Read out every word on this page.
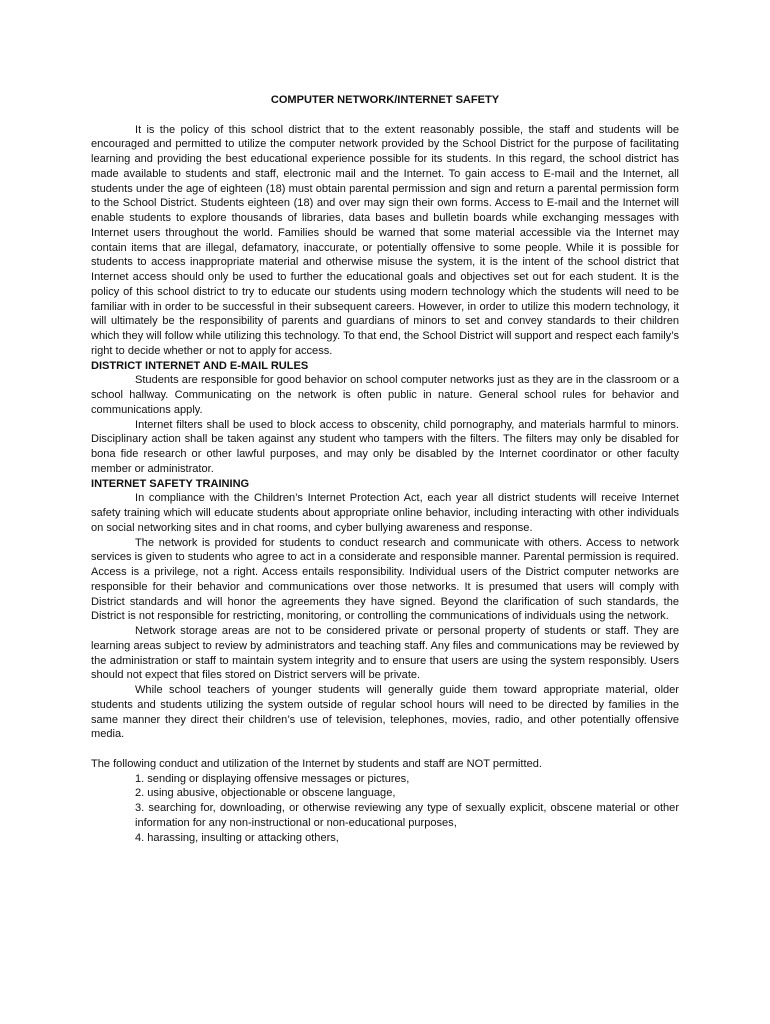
COMPUTER NETWORK/INTERNET SAFETY

It is the policy of this school district that to the extent reasonably possible, the staff and students will be encouraged and permitted to utilize the computer network provided by the School District for the purpose of facilitating learning and providing the best educational experience possible for its students. In this regard, the school district has made available to students and staff, electronic mail and the Internet. To gain access to E-mail and the Internet, all students under the age of eighteen (18) must obtain parental permission and sign and return a parental permission form to the School District. Students eighteen (18) and over may sign their own forms. Access to E-mail and the Internet will enable students to explore thousands of libraries, data bases and bulletin boards while exchanging messages with Internet users throughout the world. Families should be warned that some material accessible via the Internet may contain items that are illegal, defamatory, inaccurate, or potentially offensive to some people. While it is possible for students to access inappropriate material and otherwise misuse the system, it is the intent of the school district that Internet access should only be used to further the educational goals and objectives set out for each student. It is the policy of this school district to try to educate our students using modern technology which the students will need to be familiar with in order to be successful in their subsequent careers. However, in order to utilize this modern technology, it will ultimately be the responsibility of parents and guardians of minors to set and convey standards to their children which they will follow while utilizing this technology. To that end, the School District will support and respect each family’s right to decide whether or not to apply for access.

DISTRICT INTERNET AND E-MAIL RULES

Students are responsible for good behavior on school computer networks just as they are in the classroom or a school hallway. Communicating on the network is often public in nature. General school rules for behavior and communications apply.

Internet filters shall be used to block access to obscenity, child pornography, and materials harmful to minors. Disciplinary action shall be taken against any student who tampers with the filters. The filters may only be disabled for bona fide research or other lawful purposes, and may only be disabled by the Internet coordinator or other faculty member or administrator.

INTERNET SAFETY TRAINING

In compliance with the Children’s Internet Protection Act, each year all district students will receive Internet safety training which will educate students about appropriate online behavior, including interacting with other individuals on social networking sites and in chat rooms, and cyber bullying awareness and response.

The network is provided for students to conduct research and communicate with others. Access to network services is given to students who agree to act in a considerate and responsible manner. Parental permission is required. Access is a privilege, not a right. Access entails responsibility. Individual users of the District computer networks are responsible for their behavior and communications over those networks. It is presumed that users will comply with District standards and will honor the agreements they have signed. Beyond the clarification of such standards, the District is not responsible for restricting, monitoring, or controlling the communications of individuals using the network.

Network storage areas are not to be considered private or personal property of students or staff. They are learning areas subject to review by administrators and teaching staff. Any files and communications may be reviewed by the administration or staff to maintain system integrity and to ensure that users are using the system responsibly. Users should not expect that files stored on District servers will be private.

While school teachers of younger students will generally guide them toward appropriate material, older students and students utilizing the system outside of regular school hours will need to be directed by families in the same manner they direct their children’s use of television, telephones, movies, radio, and other potentially offensive media.

The following conduct and utilization of the Internet by students and staff are NOT permitted.

1. sending or displaying offensive messages or pictures,
2. using abusive, objectionable or obscene language,
3. searching for, downloading, or otherwise reviewing any type of sexually explicit, obscene material or other information for any non-instructional or non-educational purposes,
4. harassing, insulting or attacking others,
